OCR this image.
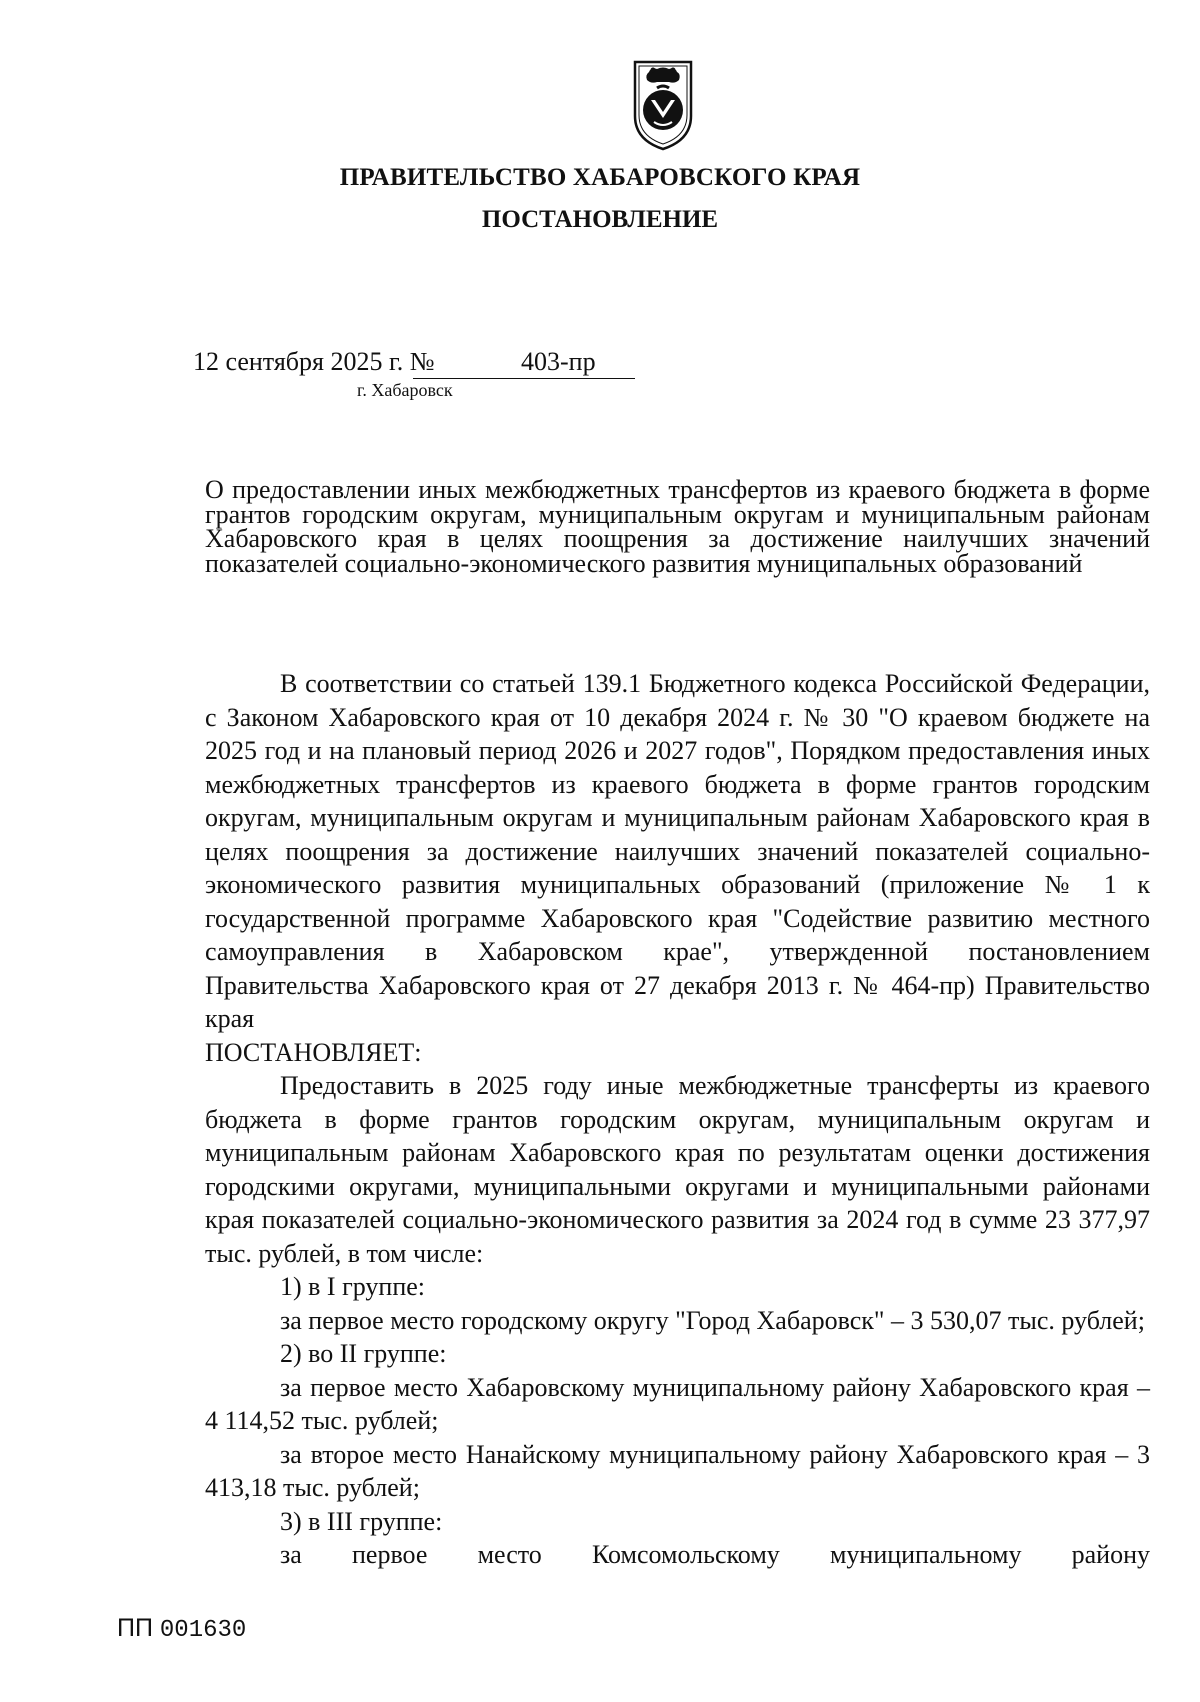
ПРАВИТЕЛЬСТВО ХАБАРОВСКОГО КРАЯ
ПОСТАНОВЛЕНИЕ
12 сентября 2025 г. №	403-пр
г. Хабаровск
О предоставлении иных межбюджетных трансфертов из краевого бюджета в форме грантов городским округам, муниципальным округам и муниципальным районам Хабаровского края в целях поощрения за достижение наилучших значений показателей социально-экономического развития муниципальных образований

В соответствии со статьей 139.1 Бюджетного кодекса Российской Федерации, с Законом Хабаровского края от 10 декабря 2024 г. № 30 "О краевом бюджете на 2025 год и на плановый период 2026 и 2027 годов", Порядком предоставления иных межбюджетных трансфертов из краевого бюджета в форме грантов городским округам, муниципальным округам и муниципальным районам Хабаровского края в целях поощрения за достижение наилучших значений показателей социально-экономического развития муниципальных образований (приложение № 1 к государственной программе Хабаровского края "Содействие развитию местного самоуправления в Хабаровском крае", утвержденной постановлением Правительства Хабаровского края от 27 декабря 2013 г. № 464-пр) Правительство края

ПОСТАНОВЛЯЕТ:

Предоставить в 2025 году иные межбюджетные трансферты из краевого бюджета в форме грантов городским округам, муниципальным округам и муниципальным районам Хабаровского края по результатам оценки достижения городскими округами, муниципальными округами и муниципальными районами края показателей социально-экономического развития за 2024 год в сумме 23 377,97 тыс. рублей, в том числе:

1) в I группе:

за первое место городскому округу "Город Хабаровск" – 3 530,07 тыс. рублей;

2) во II группе:

за первое место Хабаровскому муниципальному району Хабаровского края – 4 114,52 тыс. рублей;

за второе место Нанайскому муниципальному району Хабаровского края – 3 413,18 тыс. рублей;

3) в III группе:

за первое место Комсомольскому муниципальному району

ПП 001630
